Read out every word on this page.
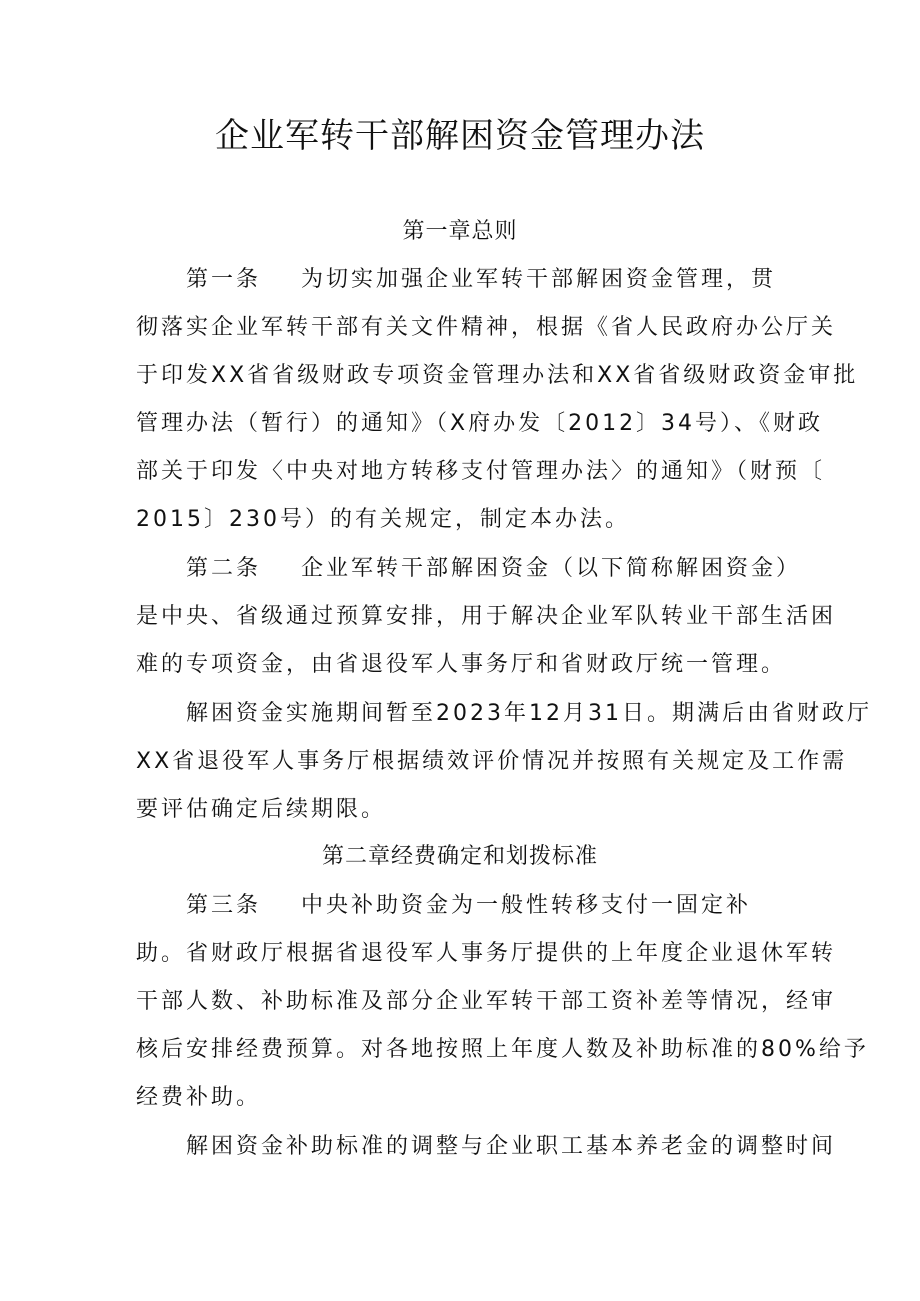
企业军转干部解困资金管理办法
第一章总则
第一条 为切实加强企业军转干部解困资金管理，贯
彻落实企业军转干部有关文件精神，根据《省人民政府办公厅关
于印发XX省省级财政专项资金管理办法和XX省省级财政资金审批
管理办法（暂行）的通知》（X府办发〔2012〕34号）、《财政
部关于印发〈中央对地方转移支付管理办法〉的通知》（财预〔
2015〕230号）的有关规定，制定本办法。
第二条 企业军转干部解困资金（以下简称解困资金）
是中央、省级通过预算安排，用于解决企业军队转业干部生活困
难的专项资金，由省退役军人事务厅和省财政厅统一管理。
解困资金实施期间暂至2023年12月31日。期满后由省财政厅
XX省退役军人事务厅根据绩效评价情况并按照有关规定及工作需
要评估确定后续期限。
第二章经费确定和划拨标准
第三条 中央补助资金为一般性转移支付一固定补
助。省财政厅根据省退役军人事务厅提供的上年度企业退休军转
干部人数、补助标准及部分企业军转干部工资补差等情况，经审
核后安排经费预算。对各地按照上年度人数及补助标准的80%给予
经费补助。
解困资金补助标准的调整与企业职工基本养老金的调整时间
